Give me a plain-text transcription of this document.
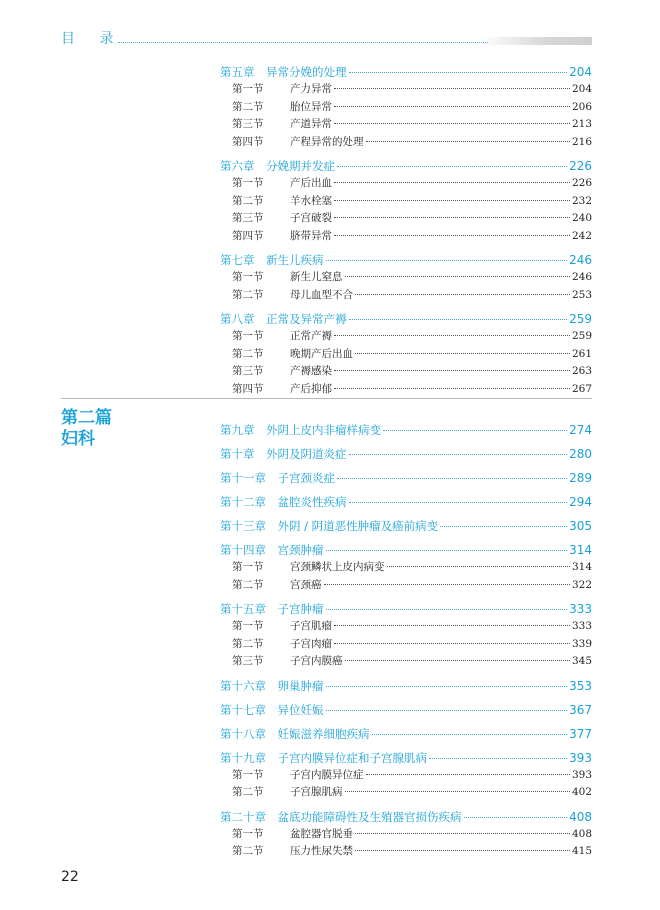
目 录
第二篇
妇科
第五章  异常分娩的处理	204
第一节	产力异常	204
第二节	胎位异常	206
第三节	产道异常	213
第四节	产程异常的处理	216
第六章  分娩期并发症	226
第一节	产后出血	226
第二节	羊水栓塞	232
第三节	子宫破裂	240
第四节	脐带异常	242
第七章  新生儿疾病	246
第一节	新生儿窒息	246
第二节	母儿血型不合	253
第八章  正常及异常产褥	259
第一节	正常产褥	259
第二节	晚期产后出血	261
第三节	产褥感染	263
第四节	产后抑郁	267
第九章  外阴上皮内非瘤样病变	274
第十章  外阴及阴道炎症	280
第十一章  子宫颈炎症	289
第十二章  盆腔炎性疾病	294
第十三章  外阴 / 阴道恶性肿瘤及癌前病变	305
第十四章  宫颈肿瘤	314
第一节	宫颈鳞状上皮内病变	314
第二节	宫颈癌	322
第十五章  子宫肿瘤	333
第一节	子宫肌瘤	333
第二节	子宫肉瘤	339
第三节	子宫内膜癌	345
第十六章  卵巢肿瘤	353
第十七章  异位妊娠	367
第十八章  妊娠滋养细胞疾病	377
第十九章  子宫内膜异位症和子宫腺肌病	393
第一节	子宫内膜异位症	393
第二节	子宫腺肌病	402
第二十章  盆底功能障碍性及生殖器官损伤疾病	408
第一节	盆腔器官脱垂	408
第二节	压力性尿失禁	415
22
